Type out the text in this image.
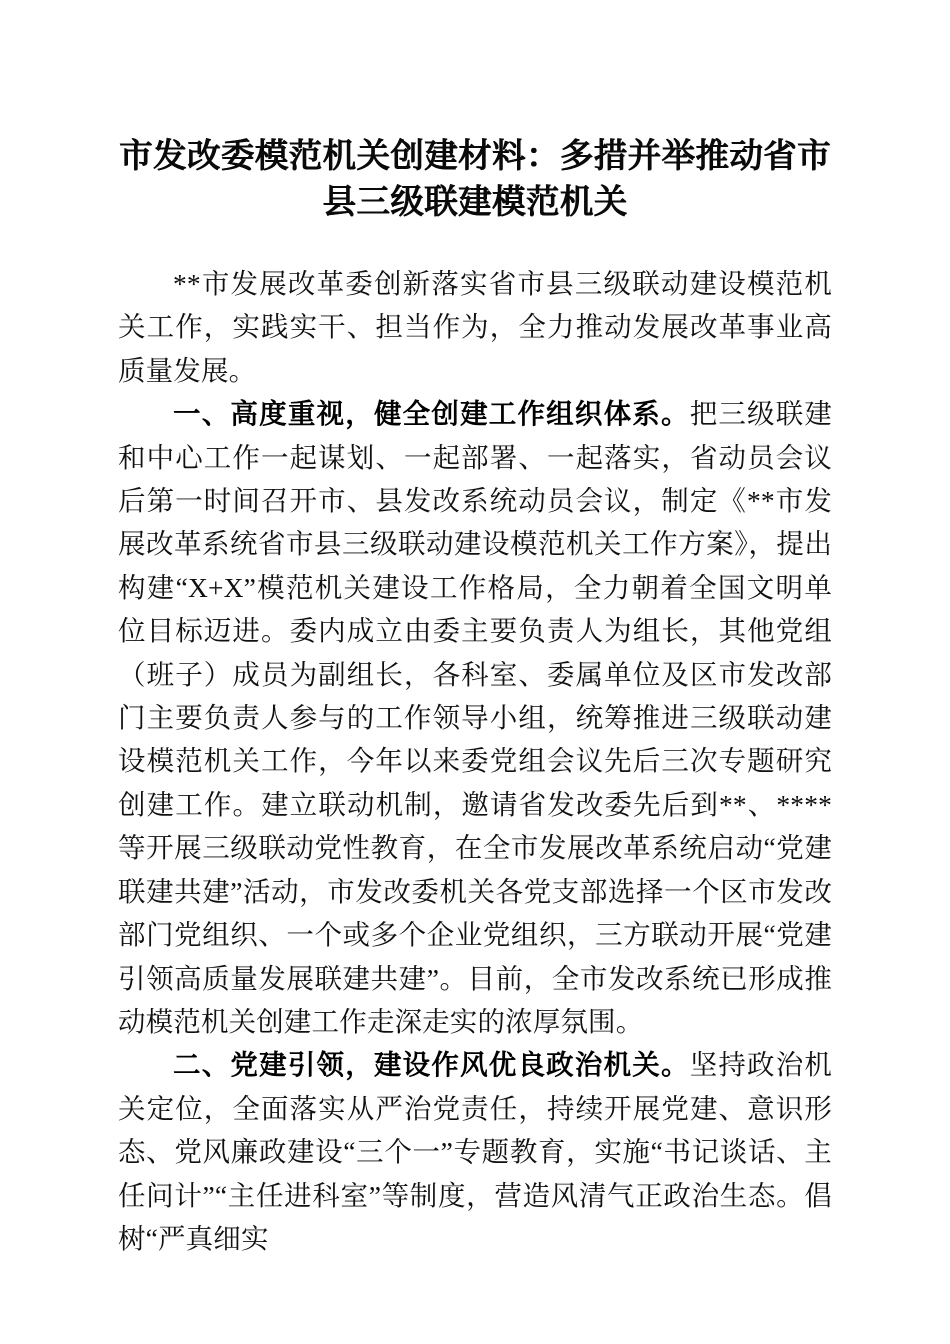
市发改委模范机关创建材料：多措并举推动省市县三级联建模范机关

**市发展改革委创新落实省市县三级联动建设模范机关工作，实践实干、担当作为，全力推动发展改革事业高质量发展。

一、高度重视，健全创建工作组织体系。把三级联建和中心工作一起谋划、一起部署、一起落实，省动员会议后第一时间召开市、县发改系统动员会议，制定《**市发展改革系统省市县三级联动建设模范机关工作方案》，提出构建“X+X”模范机关建设工作格局，全力朝着全国文明单位目标迈进。委内成立由委主要负责人为组长，其他党组（班子）成员为副组长，各科室、委属单位及区市发改部门主要负责人参与的工作领导小组，统筹推进三级联动建设模范机关工作，今年以来委党组会议先后三次专题研究创建工作。建立联动机制，邀请省发改委先后到**、****等开展三级联动党性教育，在全市发展改革系统启动“党建联建共建”活动，市发改委机关各党支部选择一个区市发改部门党组织、一个或多个企业党组织，三方联动开展“党建引领高质量发展联建共建”。目前，全市发改系统已形成推动模范机关创建工作走深走实的浓厚氛围。

二、党建引领，建设作风优良政治机关。坚持政治机关定位，全面落实从严治党责任，持续开展党建、意识形态、党风廉政建设“三个一”专题教育，实施“书记谈话、主任问计”“主任进科室”等制度，营造风清气正政治生态。倡树“严真细实
